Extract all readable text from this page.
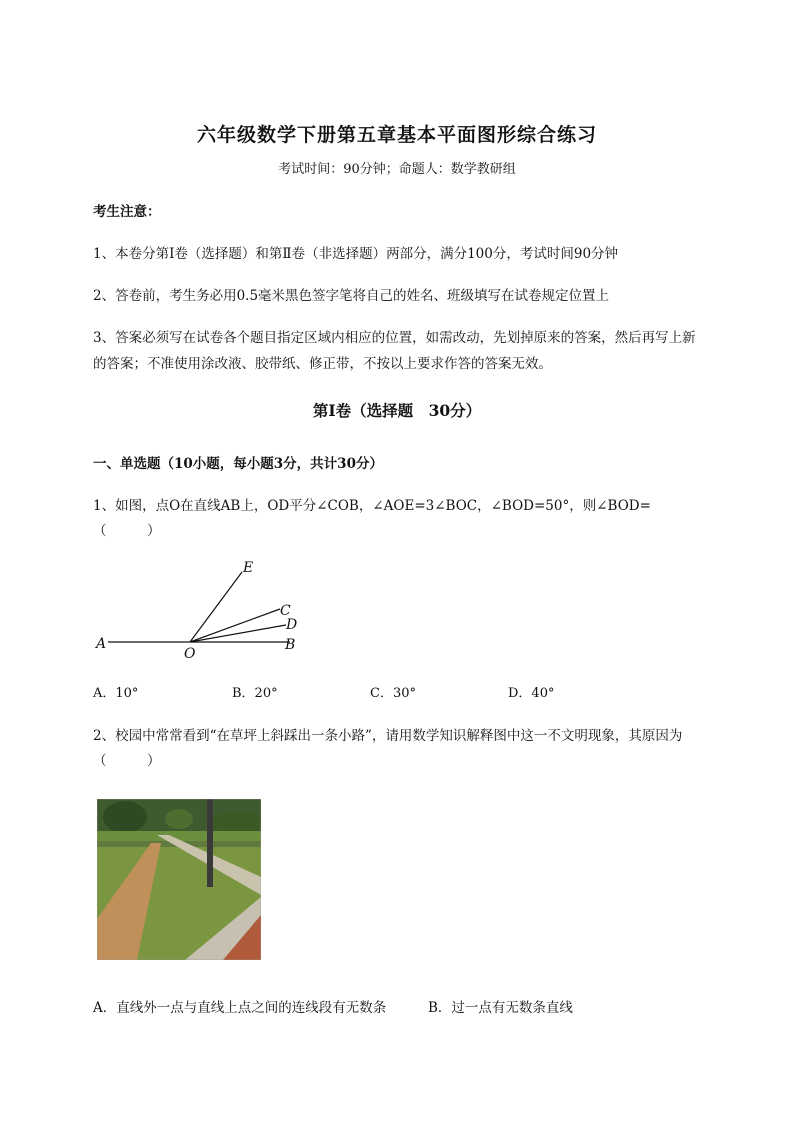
六年级数学下册第五章基本平面图形综合练习
考试时间：90分钟；命题人：数学教研组
考生注意：
1、本卷分第Ⅰ卷（选择题）和第Ⅱ卷（非选择题）两部分，满分100分，考试时间90分钟
2、答卷前，考生务必用0.5毫米黑色签字笔将自己的姓名、班级填写在试卷规定位置上
3、答案必须写在试卷各个题目指定区域内相应的位置，如需改动，先划掉原来的答案，然后再写上新
的答案；不准使用涂改液、胶带纸、修正带，不按以上要求作答的答案无效。
第Ⅰ卷（选择题　30分）
一、单选题（10小题，每小题3分，共计30分）
1、如图，点O在直线AB上，OD平分∠COB，∠AOE=3∠BOC，∠BOD=50°，则∠BOD=
（　　　）
A
O
B
C
D
E
A．10°	B．20°	C．30°	D．40°
2、校园中常常看到“在草坪上斜踩出一条小路”，请用数学知识解释图中这一不文明现象，其原因为
（　　　）
A．直线外一点与直线上点之间的连线段有无数条	B．过一点有无数条直线
